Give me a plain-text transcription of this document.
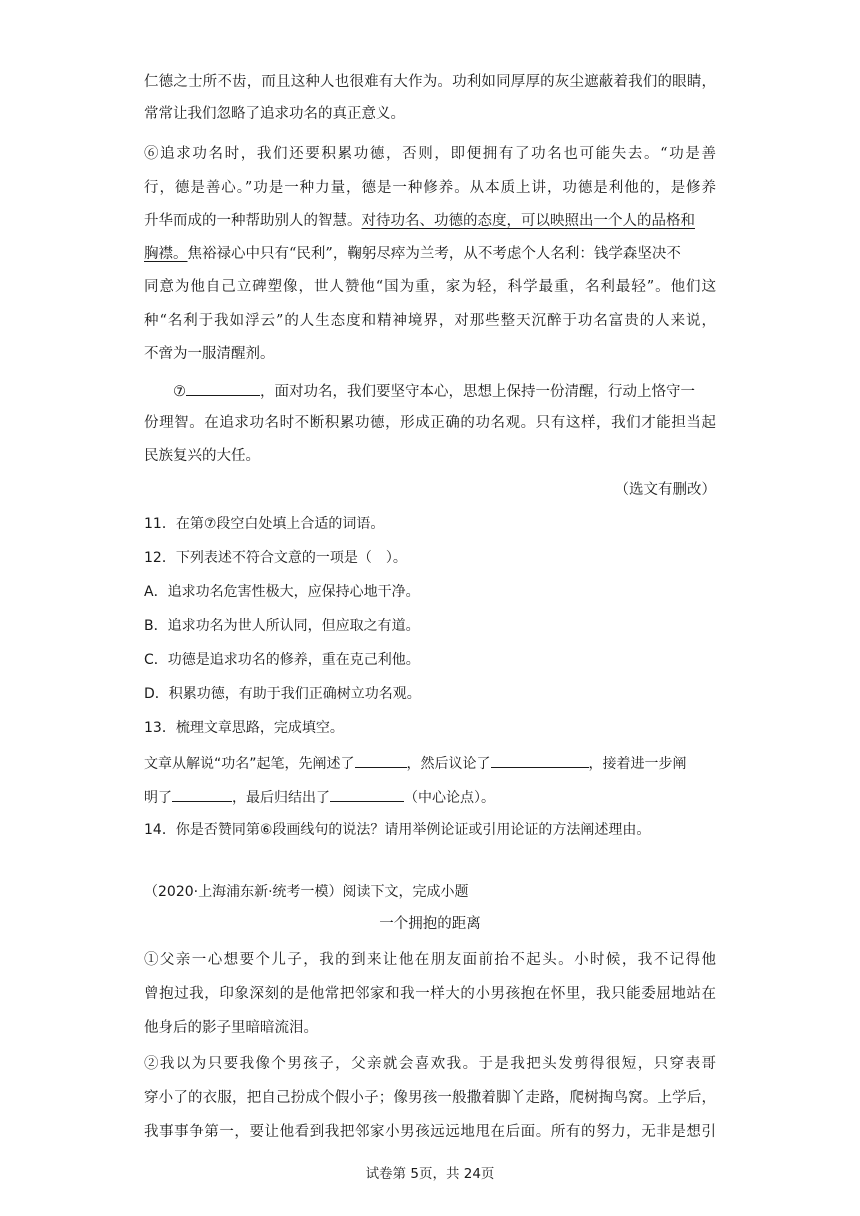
仁德之士所不齿，而且这种人也很难有大作为。功利如同厚厚的灰尘遮蔽着我们的眼睛，
常常让我们忽略了追求功名的真正意义。
⑥追求功名时，我们还要积累功德，否则，即便拥有了功名也可能失去。“功是善
行，德是善心。”功是一种力量，德是一种修养。从本质上讲，功德是利他的，是修养
升华而成的一种帮助别人的智慧。对待功名、功德的态度，可以映照出一个人的品格和
胸襟。焦裕禄心中只有“民利”，鞠躬尽瘁为兰考，从不考虑个人名利：钱学森坚决不
同意为他自己立碑塑像，世人赞他“国为重，家为轻，科学最重，名利最轻”。他们这
种“名利于我如浮云”的人生态度和精神境界，对那些整天沉醉于功名富贵的人来说，
不啻为一服清醒剂。
⑦	，面对功名，我们要坚守本心，思想上保持一份清醒，行动上恪守一
份理智。在追求功名时不断积累功德，形成正确的功名观。只有这样，我们才能担当起
民族复兴的大任。
（选文有删改）
11．在第⑦段空白处填上合适的词语。
12．下列表述不符合文意的一项是（　）。
A．追求功名危害性极大，应保持心地干净。
B．追求功名为世人所认同，但应取之有道。
C．功德是追求功名的修养，重在克己利他。
D．积累功德，有助于我们正确树立功名观。
13．梳理文章思路，完成填空。
文章从解说“功名”起笔，先阐述了	，然后议论了	，接着进一步阐
明了	，最后归结出了	（中心论点）。
14．你是否赞同第⑥段画线句的说法？请用举例论证或引用论证的方法阐述理由。
（2020·上海浦东新·统考一模）阅读下文，完成小题
一个拥抱的距离
①父亲一心想要个儿子，我的到来让他在朋友面前抬不起头。小时候，我不记得他
曾抱过我，印象深刻的是他常把邻家和我一样大的小男孩抱在怀里，我只能委屈地站在
他身后的影子里暗暗流泪。
②我以为只要我像个男孩子，父亲就会喜欢我。于是我把头发剪得很短，只穿表哥
穿小了的衣服，把自己扮成个假小子；像男孩一般撒着脚丫走路，爬树掏鸟窝。上学后，
我事事争第一，要让他看到我把邻家小男孩远远地甩在后面。所有的努力，无非是想引
试卷第 5页，共 24页
